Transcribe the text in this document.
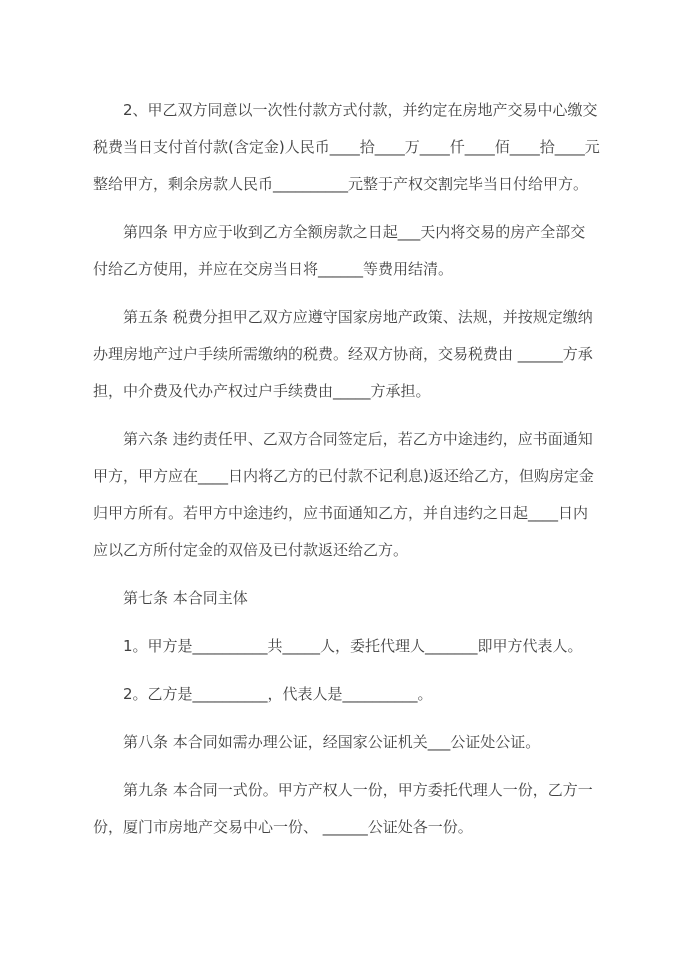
2、甲乙双方同意以一次性付款方式付款，并约定在房地产交易中心缴交税费当日支付首付款(含定金)人民币____拾____万____仟____佰____拾____元整给甲方，剩余房款人民币__________元整于产权交割完毕当日付给甲方。

第四条 甲方应于收到乙方全额房款之日起___天内将交易的房产全部交付给乙方使用，并应在交房当日将______等费用结清。

第五条 税费分担甲乙双方应遵守国家房地产政策、法规，并按规定缴纳办理房地产过户手续所需缴纳的税费。经双方协商，交易税费由 ______方承担，中介费及代办产权过户手续费由_____方承担。

第六条 违约责任甲、乙双方合同签定后，若乙方中途违约，应书面通知甲方，甲方应在____日内将乙方的已付款不记利息)返还给乙方，但购房定金归甲方所有。若甲方中途违约，应书面通知乙方，并自违约之日起____日内应以乙方所付定金的双倍及已付款返还给乙方。

第七条 本合同主体

1。甲方是__________共_____人，委托代理人_______即甲方代表人。

2。乙方是__________，代表人是__________。

第八条 本合同如需办理公证，经国家公证机关___公证处公证。

第九条 本合同一式份。甲方产权人一份，甲方委托代理人一份，乙方一份，厦门市房地产交易中心一份、 ______公证处各一份。
